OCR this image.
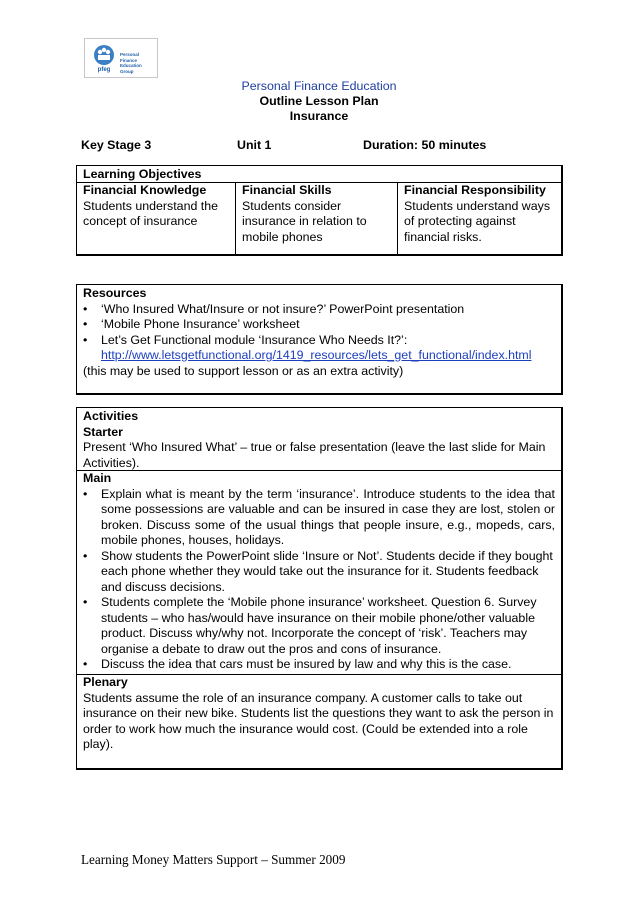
pfeg
Personal Finance Education Group
Personal Finance Education
Outline Lesson Plan
Insurance
Key Stage 3	Unit 1	Duration: 50 minutes
Learning Objectives
Financial Knowledge
Students understand the concept of insurance
Financial Skills
Students consider insurance in relation to mobile phones
Financial Responsibility
Students understand ways of protecting against financial risks.

Resources

• ‘Who Insured What/Insure or not insure?’ PowerPoint presentation
• ‘Mobile Phone Insurance’ worksheet
• Let’s Get Functional module ‘Insurance Who Needs It?’:
http://www.letsgetfunctional.org/1419_resources/lets_get_functional/index.html

(this may be used to support lesson or as an extra activity)

Activities
Starter
Present ‘Who Insured What’ – true or false presentation (leave the last slide for Main Activities).
Main
• Explain what is meant by the term ‘insurance’. Introduce students to the idea that some possessions are valuable and can be insured in case they are lost, stolen or broken. Discuss some of the usual things that people insure, e.g., mopeds, cars, mobile phones, houses, holidays.
• Show students the PowerPoint slide ‘Insure or Not’. Students decide if they bought each phone whether they would take out the insurance for it. Students feedback and discuss decisions.
• Students complete the ‘Mobile phone insurance’ worksheet. Question 6. Survey students – who has/would have insurance on their mobile phone/other valuable product. Discuss why/why not. Incorporate the concept of ‘risk’. Teachers may organise a debate to draw out the pros and cons of insurance.
• Discuss the idea that cars must be insured by law and why this is the case.
Plenary
Students assume the role of an insurance company. A customer calls to take out insurance on their new bike. Students list the questions they want to ask the person in order to work how much the insurance would cost. (Could be extended into a role play).
Learning Money Matters Support – Summer 2009
